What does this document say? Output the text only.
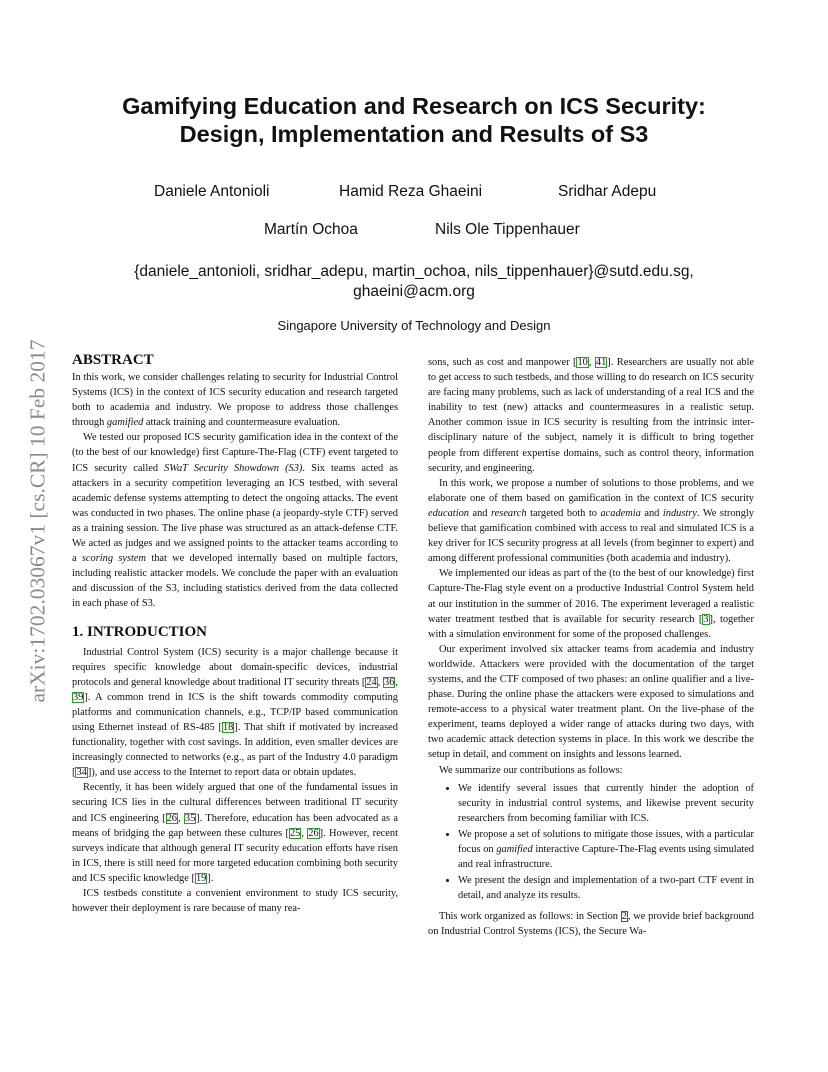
arXiv:1702.03067v1 [cs.CR] 10 Feb 2017
Gamifying Education and Research on ICS Security:
Design, Implementation and Results of S3
Daniele Antonioli	Hamid Reza Ghaeini	Sridhar Adepu
Martín Ochoa	Nils Ole Tippenhauer
{daniele_antonioli, sridhar_adepu, martin_ochoa, nils_tippenhauer}@sutd.edu.sg,
ghaeini@acm.org
Singapore University of Technology and Design
ABSTRACT

In this work, we consider challenges relating to security for Industrial Control Systems (ICS) in the context of ICS security education and research targeted both to academia and industry. We propose to address those challenges through gamified attack training and countermeasure evaluation.

We tested our proposed ICS security gamification idea in the context of the (to the best of our knowledge) first Capture-The-Flag (CTF) event targeted to ICS security called SWaT Security Showdown (S3). Six teams acted as attackers in a security competition leveraging an ICS testbed, with several academic defense systems attempting to detect the ongoing attacks. The event was conducted in two phases. The online phase (a jeopardy-style CTF) served as a training session. The live phase was structured as an attack-defense CTF. We acted as judges and we assigned points to the attacker teams according to a scoring system that we developed internally based on multiple factors, including realistic attacker models. We conclude the paper with an evaluation and discussion of the S3, including statistics derived from the data collected in each phase of S3.

1. INTRODUCTION

Industrial Control System (ICS) security is a major challenge because it requires specific knowledge about domain-specific devices, industrial protocols and general knowledge about traditional IT security threats [24, 36, 39]. A common trend in ICS is the shift towards commodity computing platforms and communication channels, e.g., TCP/IP based communication using Ethernet instead of RS-485 [18]. That shift if motivated by increased functionality, together with cost savings. In addition, even smaller devices are increasingly connected to networks (e.g., as part of the Industry 4.0 paradigm [34]), and use access to the Internet to report data or obtain updates.

Recently, it has been widely argued that one of the fundamental issues in securing ICS lies in the cultural differences between traditional IT security and ICS engineering [26, 35]. Therefore, education has been advocated as a means of bridging the gap between these cultures [25, 26]. However, recent surveys indicate that although general IT security education efforts have risen in ICS, there is still need for more targeted education combining both security and ICS specific knowledge [19].

ICS testbeds constitute a convenient environment to study ICS security, however their deployment is rare because of many rea-

sons, such as cost and manpower [10, 41]. Researchers are usually not able to get access to such testbeds, and those willing to do research on ICS security are facing many problems, such as lack of understanding of a real ICS and the inability to test (new) attacks and countermeasures in a realistic setup. Another common issue in ICS security is resulting from the intrinsic inter-disciplinary nature of the subject, namely it is difficult to bring together people from different expertise domains, such as control theory, information security, and engineering.

In this work, we propose a number of solutions to those problems, and we elaborate one of them based on gamification in the context of ICS security education and research targeted both to academia and industry. We strongly believe that gamification combined with access to real and simulated ICS is a key driver for ICS security progress at all levels (from beginner to expert) and among different professional communities (both academia and industry).

We implemented our ideas as part of the (to the best of our knowledge) first Capture-The-Flag style event on a productive Industrial Control System held at our institution in the summer of 2016. The experiment leveraged a realistic water treatment testbed that is available for security research [3], together with a simulation environment for some of the proposed challenges.

Our experiment involved six attacker teams from academia and industry worldwide. Attackers were provided with the documentation of the target systems, and the CTF composed of two phases: an online qualifier and a live-phase. During the online phase the attackers were exposed to simulations and remote-access to a physical water treatment plant. On the live-phase of the experiment, teams deployed a wider range of attacks during two days, with two academic attack detection systems in place. In this work we describe the setup in detail, and comment on insights and lessons learned.

We summarize our contributions as follows:

• We identify several issues that currently hinder the adoption of security in industrial control systems, and likewise prevent security researchers from becoming familiar with ICS.
• We propose a set of solutions to mitigate those issues, with a particular focus on gamified interactive Capture-The-Flag events using simulated and real infrastructure.
• We present the design and implementation of a two-part CTF event in detail, and analyze its results.

This work organized as follows: in Section 2, we provide brief background on Industrial Control Systems (ICS), the Secure Wa-
